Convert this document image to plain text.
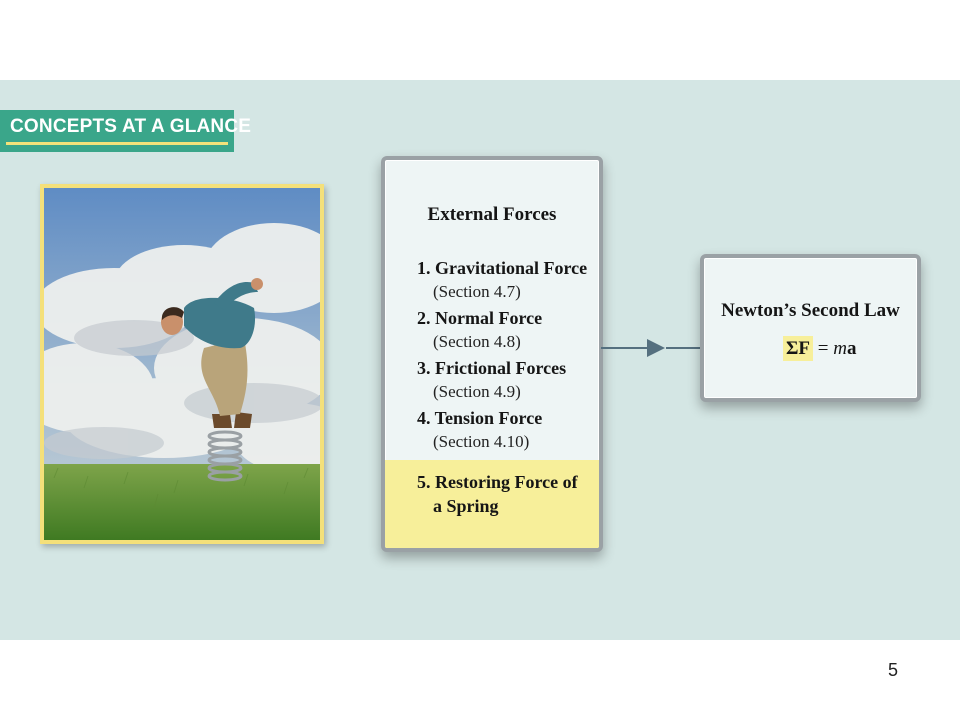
CONCEPTS AT A GLANCE
External Forces
1. Gravitational Force
(Section 4.7)
2. Normal Force
(Section 4.8)
3. Frictional Forces
(Section 4.9)
4. Tension Force
(Section 4.10)
5. Restoring Force of
a Spring
Newton’s Second Law
ΣF = ma
5
